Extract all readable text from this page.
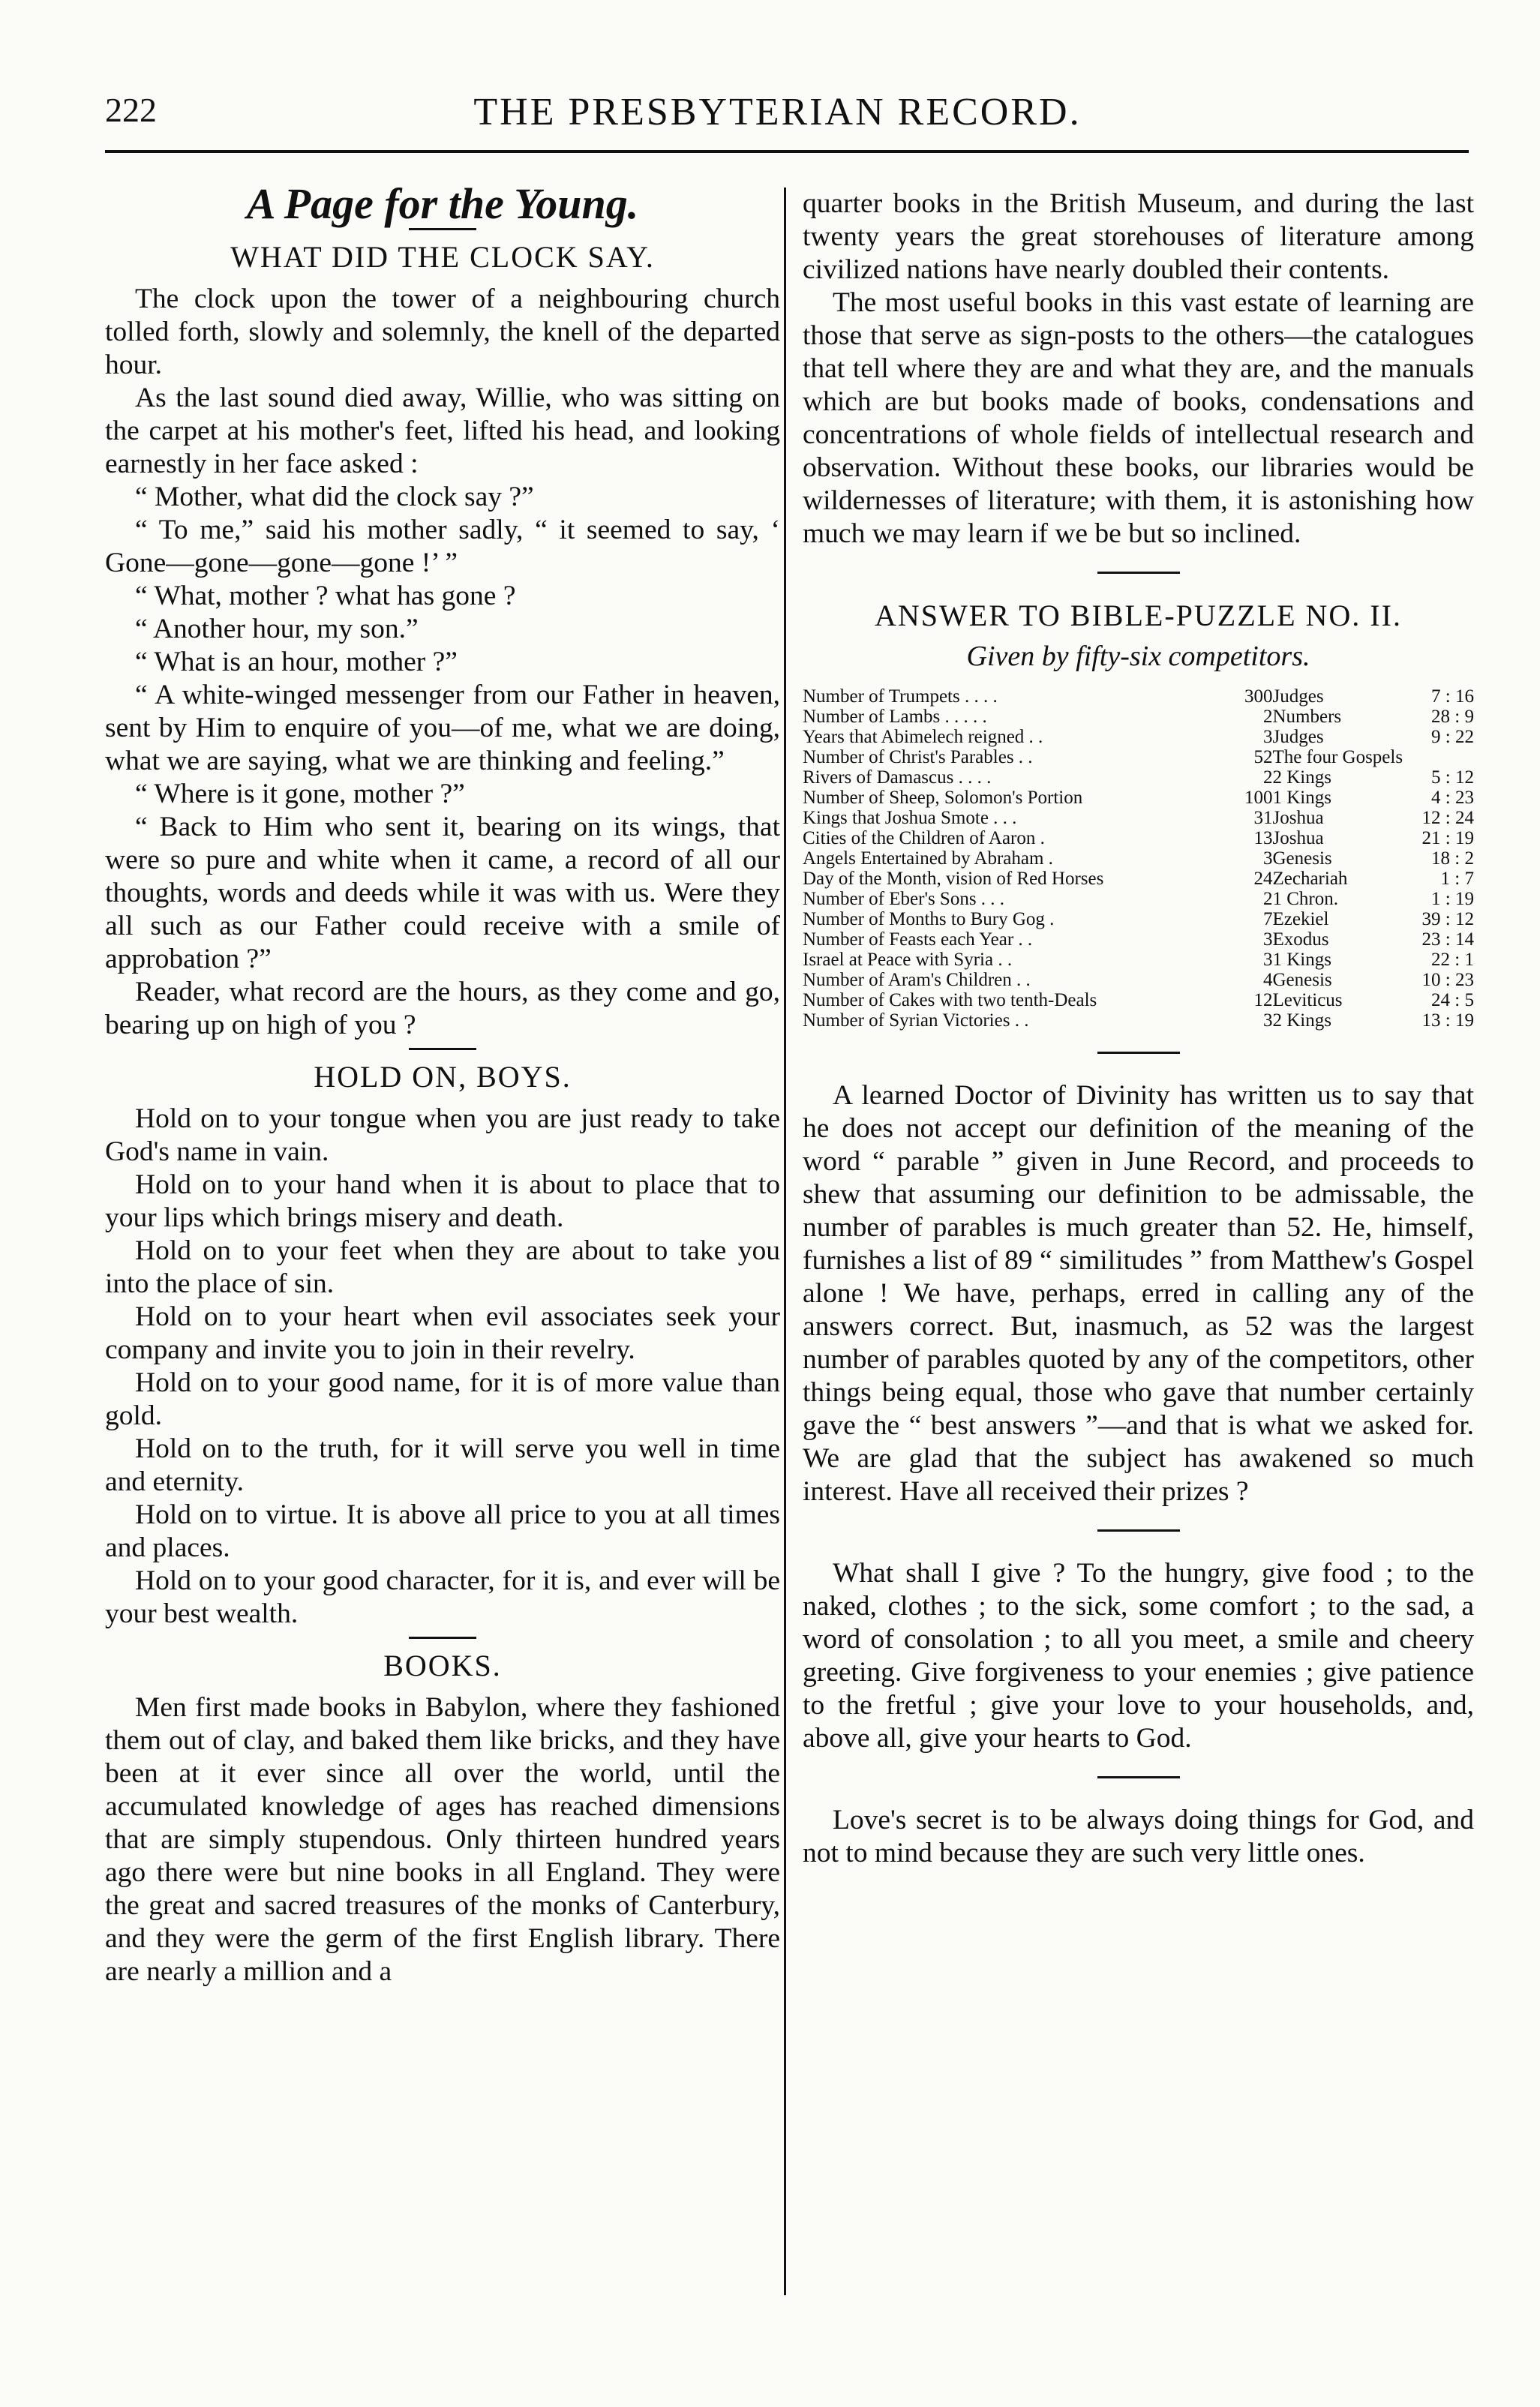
222	THE PRESBYTERIAN RECORD.
A Page for the Young.
WHAT DID THE CLOCK SAY.

The clock upon the tower of a neighbouring church tolled forth, slowly and solemnly, the knell of the departed hour.

As the last sound died away, Willie, who was sitting on the carpet at his mother's feet, lifted his head, and looking earnestly in her face asked :

“ Mother, what did the clock say ?”

“ To me,” said his mother sadly, “ it seemed to say, ‘ Gone—gone—gone—gone !’ ”

“ What, mother ? what has gone ?

“ Another hour, my son.”

“ What is an hour, mother ?”

“ A white-winged messenger from our Father in heaven, sent by Him to enquire of you—of me, what we are doing, what we are saying, what we are thinking and feeling.”

“ Where is it gone, mother ?”

“ Back to Him who sent it, bearing on its wings, that were so pure and white when it came, a record of all our thoughts, words and deeds while it was with us. Were they all such as our Father could receive with a smile of approbation ?”

Reader, what record are the hours, as they come and go, bearing up on high of you ?

HOLD ON, BOYS.

Hold on to your tongue when you are just ready to take God's name in vain.

Hold on to your hand when it is about to place that to your lips which brings misery and death.

Hold on to your feet when they are about to take you into the place of sin.

Hold on to your heart when evil associates seek your company and invite you to join in their revelry.

Hold on to your good name, for it is of more value than gold.

Hold on to the truth, for it will serve you well in time and eternity.

Hold on to virtue. It is above all price to you at all times and places.

Hold on to your good character, for it is, and ever will be your best wealth.

BOOKS.

Men first made books in Babylon, where they fashioned them out of clay, and baked them like bricks, and they have been at it ever since all over the world, until the accumulated knowledge of ages has reached dimensions that are simply stupendous. Only thirteen hundred years ago there were but nine books in all England. They were the great and sacred treasures of the monks of Canterbury, and they were the germ of the first English library. There are nearly a million and a

quarter books in the British Museum, and during the last twenty years the great storehouses of literature among civilized nations have nearly doubled their contents.

The most useful books in this vast estate of learning are those that serve as sign-posts to the others—the catalogues that tell where they are and what they are, and the manuals which are but books made of books, condensations and concentrations of whole fields of intellectual research and observation. Without these books, our libraries would be wildernesses of literature; with them, it is astonishing how much we may learn if we be but so inclined.

ANSWER TO BIBLE-PUZZLE NO. II.
Given by fifty-six competitors.
Number of Trumpets . . . .	300	Judges	7 : 16
Number of Lambs . . . . .	2	Numbers	28 : 9
Years that Abimelech reigned . .	3	Judges	9 : 22
Number of Christ's Parables . .	52	The four Gospels	
Rivers of Damascus . . . .	2	2 Kings	5 : 12
Number of Sheep, Solomon's Portion	100	1 Kings	4 : 23
Kings that Joshua Smote . . .	31	Joshua	12 : 24
Cities of the Children of Aaron .	13	Joshua	21 : 19
Angels Entertained by Abraham .	3	Genesis	18 : 2
Day of the Month, vision of Red Horses	24	Zechariah	1 : 7
Number of Eber's Sons . . .	2	1 Chron.	1 : 19
Number of Months to Bury Gog .	7	Ezekiel	39 : 12
Number of Feasts each Year . .	3	Exodus	23 : 14
Israel at Peace with Syria . .	3	1 Kings	22 : 1
Number of Aram's Children . .	4	Genesis	10 : 23
Number of Cakes with two tenth-Deals	12	Leviticus	24 : 5
Number of Syrian Victories . .	3	2 Kings	13 : 19

A learned Doctor of Divinity has written us to say that he does not accept our definition of the meaning of the word “ parable ” given in June Record, and proceeds to shew that assuming our definition to be admissable, the number of parables is much greater than 52. He, himself, furnishes a list of 89 “ similitudes ” from Matthew's Gospel alone ! We have, perhaps, erred in calling any of the answers correct. But, inasmuch, as 52 was the largest number of parables quoted by any of the competitors, other things being equal, those who gave that number certainly gave the “ best answers ”—and that is what we asked for. We are glad that the subject has awakened so much interest. Have all received their prizes ?

What shall I give ? To the hungry, give food ; to the naked, clothes ; to the sick, some comfort ; to the sad, a word of consolation ; to all you meet, a smile and cheery greeting. Give forgiveness to your enemies ; give patience to the fretful ; give your love to your households, and, above all, give your hearts to God.

Love's secret is to be always doing things for God, and not to mind because they are such very little ones.
